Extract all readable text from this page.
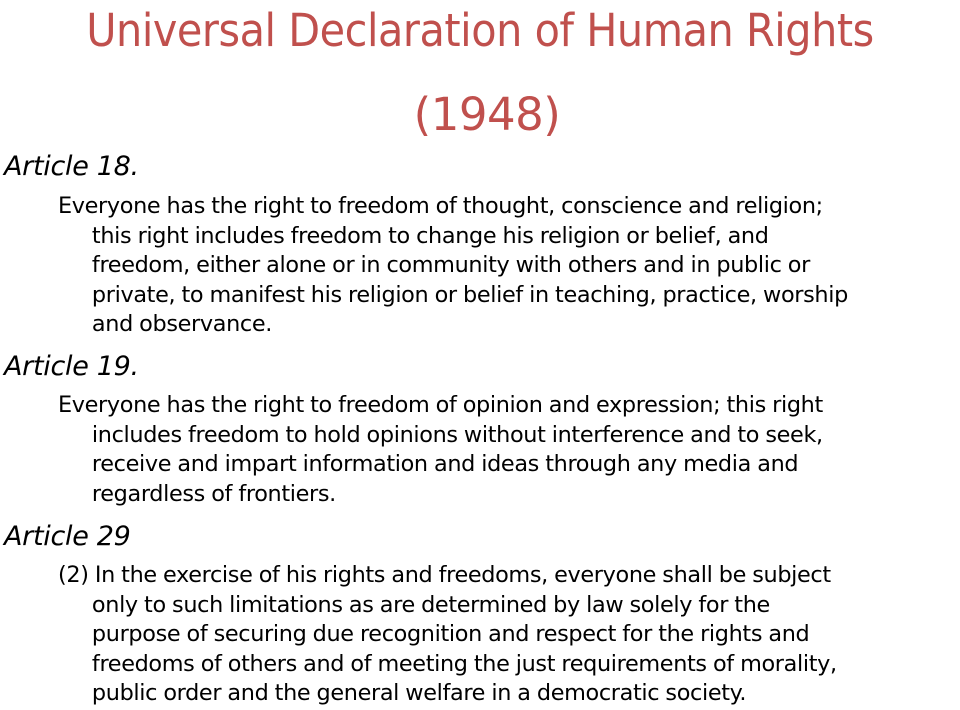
Universal Declaration of Human Rights
(1948)
Article 18.
Everyone has the right to freedom of thought, conscience and religion;
this right includes freedom to change his religion or belief, and
freedom, either alone or in community with others and in public or
private, to manifest his religion or belief in teaching, practice, worship
and observance.
Article 19.
Everyone has the right to freedom of opinion and expression; this right
includes freedom to hold opinions without interference and to seek,
receive and impart information and ideas through any media and
regardless of frontiers.
Article 29
(2) In the exercise of his rights and freedoms, everyone shall be subject
only to such limitations as are determined by law solely for the
purpose of securing due recognition and respect for the rights and
freedoms of others and of meeting the just requirements of morality,
public order and the general welfare in a democratic society.
